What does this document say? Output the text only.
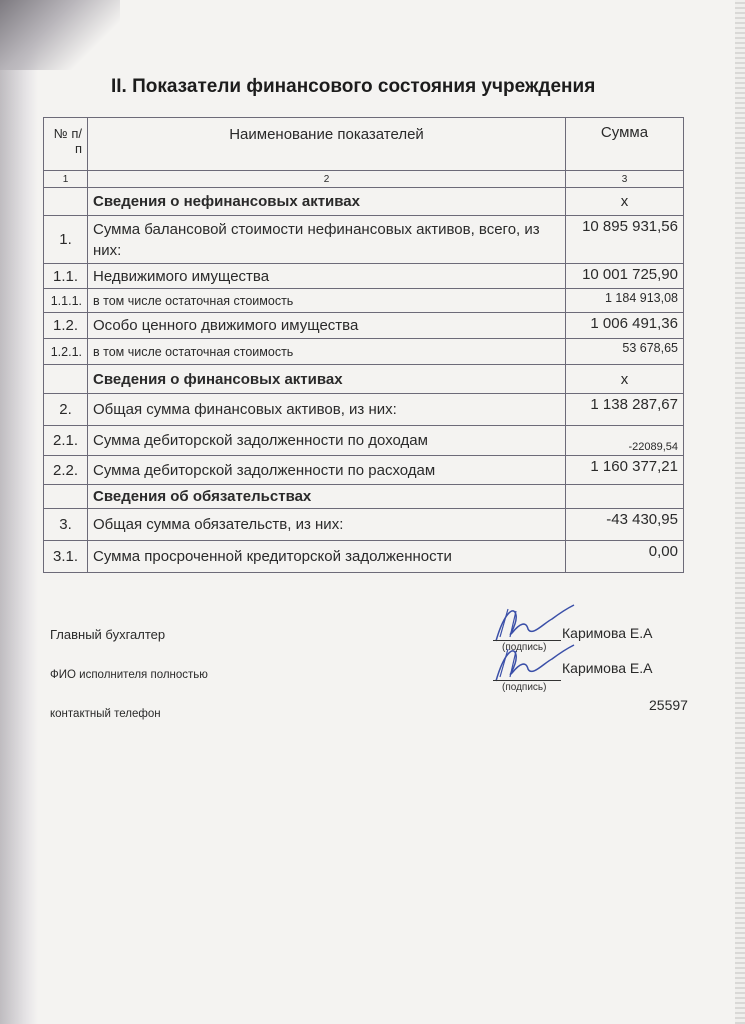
II. Показатели финансового состояния учреждения
№ п/п	Наименование показателей	Сумма
1	2	3
	Сведения о нефинансовых активах	х
1.	Сумма балансовой стоимости нефинансовых активов, всего, из них:	10 895 931,56
1.1.	Недвижимого имущества	10 001 725,90
1.1.1.	в том числе остаточная стоимость	1 184 913,08
1.2.	Особо ценного движимого имущества	1 006 491,36
1.2.1.	в том числе остаточная стоимость	53 678,65
	Сведения о финансовых активах	х
2.	Общая сумма финансовых активов, из них:	1 138 287,67
2.1.	Сумма дебиторской задолженности по доходам	-22089,54
2.2.	Сумма дебиторской задолженности по расходам	1 160 377,21
	Сведения об обязательствах	
3.	Общая сумма обязательств, из них:	-43 430,95
3.1.	Сумма просроченной кредиторской задолженности	0,00
Главный бухгалтер
(подпись)
Каримова Е.А
ФИО исполнителя полностью
(подпись)
Каримова Е.А
контактный телефон
25597
